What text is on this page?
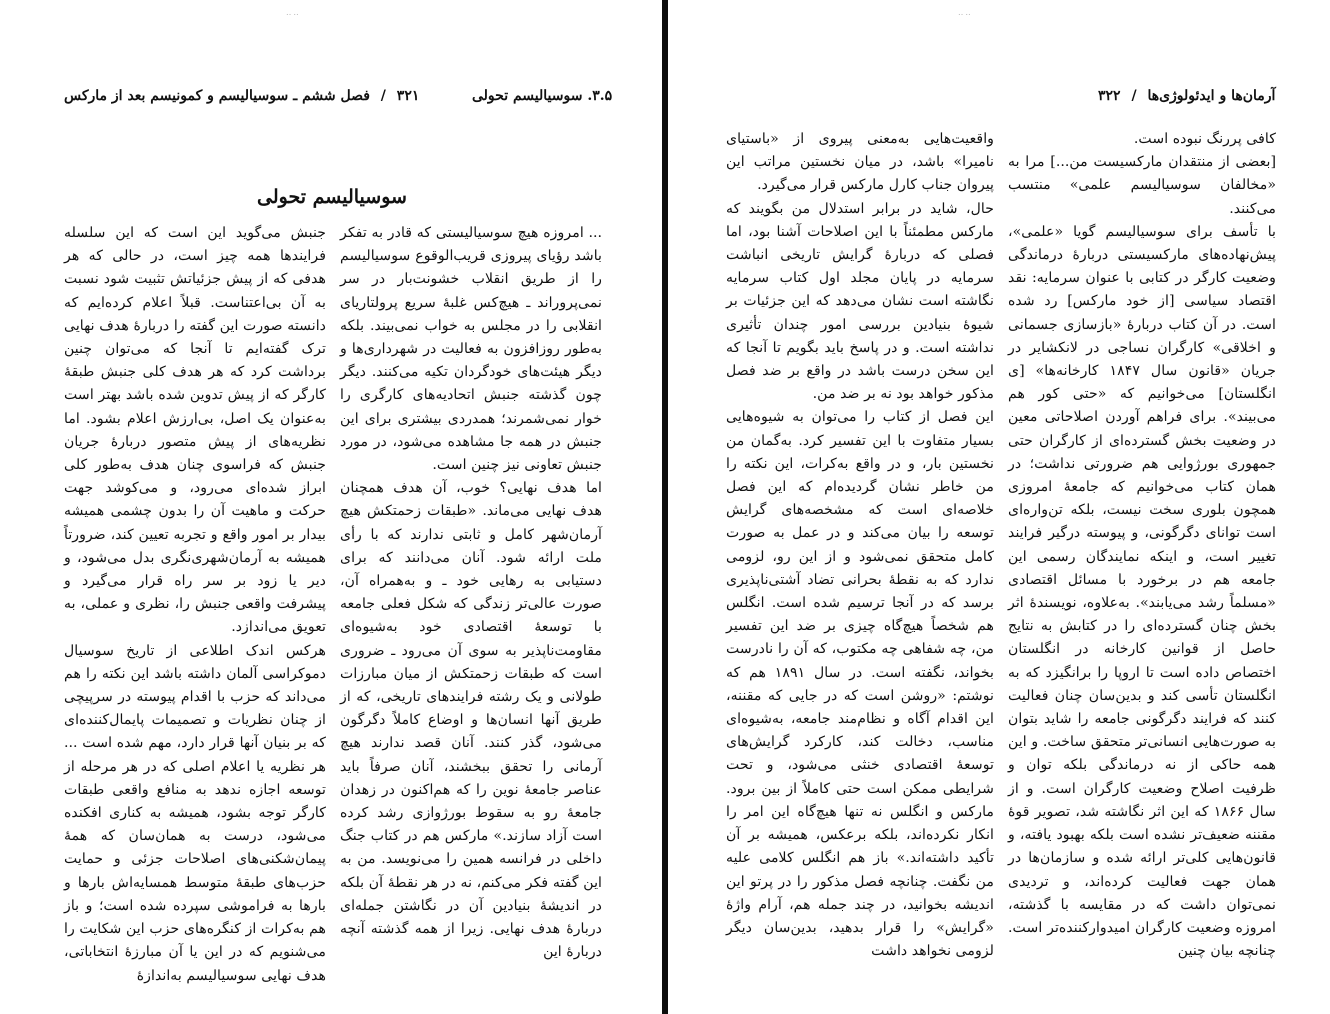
‥‥
۳۲۱ / فصل ششم ـ سوسیالیسم و کمونیسم بعد از مارکس	۳.۵. سوسیالیسم تحولی
سوسیالیسم تحولی
... امروزه هیچ سوسیالیستی که قادر به تفکر باشد رؤیای پیروزی قریب‌الوقوع سوسیالیسم را از طریق انقلاب خشونت‌بار در سر نمی‌پروراند ـ هیچ‌کس غلبهٔ سریع پرولتاریای انقلابی را در مجلس به خواب نمی‌بیند. بلکه به‌طور روزافزون به فعالیت در شهرداری‌ها و دیگر هیئت‌های خودگردان تکیه می‌کنند. دیگر چون گذشته جنبش اتحادیه‌های کارگری را خوار نمی‌شمرند؛ همدردی بیشتری برای این جنبش در همه جا مشاهده می‌شود، در مورد جنبش تعاونی نیز چنین است.
اما هدف نهایی؟ خوب، آن هدف همچنان هدف نهایی می‌ماند. «طبقات زحمتکش هیچ آرمان‌شهر کامل و ثابتی ندارند که با رأی ملت ارائه شود. آنان می‌دانند که برای دستیابی به رهایی خود ـ و به‌همراه آن، صورت عالی‌تر زندگی که شکل فعلی جامعه با توسعهٔ اقتصادی خود به‌شیوه‌ای مقاومت‌ناپذیر به سوی آن می‌رود ـ ضروری است که طبقات زحمتکش از میان مبارزات طولانی و یک رشته فرایندهای تاریخی، که از طریق آنها انسان‌ها و اوضاع کاملاً دگرگون می‌شود، گذر کنند. آنان قصد ندارند هیچ آرمانی را تحقق ببخشند، آنان صرفاً باید عناصر جامعهٔ نوین را که هم‌اکنون در زهدان جامعهٔ رو به سقوط بورژوازی رشد کرده است آزاد سازند.» مارکس هم در کتاب جنگ داخلی در فرانسه همین را می‌نویسد. من به این گفته فکر می‌کنم، نه در هر نقطهٔ آن بلکه در اندیشهٔ بنیادین آن در نگاشتن جمله‌ای دربارهٔ هدف نهایی. زیرا از همه گذشته آنچه دربارهٔ این
جنبش می‌گوید این است که این سلسله فرایندها همه چیز است، در حالی که هر هدفی که از پیش جزئیاتش تثبیت شود نسبت به آن بی‌اعتناست. قبلاً اعلام کرده‌ایم که دانسته صورت این گفته را دربارهٔ هدف نهایی ترک گفته‌ایم تا آنجا که می‌توان چنین برداشت کرد که هر هدف کلی جنبش طبقهٔ کارگر که از پیش تدوین شده باشد بهتر است به‌عنوان یک اصل، بی‌ارزش اعلام بشود. اما نظریه‌های از پیش متصور دربارهٔ جریان جنبش که فراسوی چنان هدف به‌طور کلی ابراز شده‌ای می‌رود، و می‌کوشد جهت حرکت و ماهیت آن را بدون چشمی همیشه بیدار بر امور واقع و تجربه تعیین کند، ضرورتاً همیشه به آرمان‌شهری‌نگری بدل می‌شود، و دیر یا زود بر سر راه قرار می‌گیرد و پیشرفت واقعی جنبش را، نظری و عملی، به تعویق می‌اندازد.
هرکس اندک اطلاعی از تاریخ سوسیال دموکراسی آلمان داشته باشد این نکته را هم می‌داند که حزب با اقدام پیوسته در سرپیچی از چنان نظریات و تصمیمات پایمال‌کننده‌ای که بر بنیان آنها قرار دارد، مهم شده است ... هر نظریه یا اعلام اصلی که در هر مرحله از توسعه اجازه ندهد به منافع واقعی طبقات کارگر توجه بشود، همیشه به کناری افکنده می‌شود، درست به همان‌سان که همهٔ پیمان‌شکنی‌های اصلاحات جزئی و حمایت حزب‌های طبقهٔ متوسط همسایه‌اش بارها و بارها به فراموشی سپرده شده است؛ و باز هم به‌کرات از کنگره‌های حزب این شکایت را می‌شنویم که در این یا آن مبارزهٔ انتخاباتی، هدف نهایی سوسیالیسم به‌اندازهٔ
‥‥
آرمان‌ها و ایدئولوژی‌ها / ۳۲۲
کافی پررنگ نبوده است.
[بعضی از منتقدان مارکسیست من...] مرا به «مخالفان سوسیالیسم علمی» منتسب می‌کنند.
با تأسف برای سوسیالیسم گویا «علمی»، پیش‌نهاده‌های مارکسیستی دربارهٔ درماندگی وضعیت کارگر در کتابی با عنوان سرمایه: نقد اقتصاد سیاسی [از خود مارکس] رد شده است. در آن کتاب دربارهٔ «بازسازی جسمانی و اخلاقی» کارگران نساجی در لانکشایر در جریان «قانون سال ۱۸۴۷ کارخانه‌ها» [ی انگلستان] می‌خوانیم که «حتی کور هم می‌بیند». برای فراهم آوردن اصلاحاتی معین در وضعیت بخش گسترده‌ای از کارگران حتی جمهوری بورژوایی هم ضرورتی نداشت؛ در همان کتاب می‌خوانیم که جامعهٔ امروزی همچون بلوری سخت نیست، بلکه تن‌واره‌ای است توانای دگرگونی، و پیوسته درگیر فرایند تغییر است، و اینکه نمایندگان رسمی این جامعه هم در برخورد با مسائل اقتصادی «مسلماً رشد می‌یابند». به‌علاوه، نویسندهٔ اثر بخش چنان گسترده‌ای را در کتابش به نتایج حاصل از قوانین کارخانه در انگلستان اختصاص داده است تا اروپا را برانگیزد که به انگلستان تأسی کند و بدین‌سان چنان فعالیت کنند که فرایند دگرگونی جامعه را شاید بتوان به صورت‌هایی انسانی‌تر متحقق ساخت. و این همه حاکی از نه درماندگی بلکه توان و ظرفیت اصلاح وضعیت کارگران است. و از سال ۱۸۶۶ که این اثر نگاشته شد، تصویر قوهٔ مقننه ضعیف‌تر نشده است بلکه بهبود یافته، و قانون‌هایی کلی‌تر ارائه شده و سازمان‌ها در همان جهت فعالیت کرده‌اند، و تردیدی نمی‌توان داشت که در مقایسه با گذشته، امروزه وضعیت کارگران امیدوارکننده‌تر است. چنانچه بیان چنین
واقعیت‌هایی به‌معنی پیروی از «باستیای نامیرا» باشد، در میان نخستین مراتب این پیروان جناب کارل مارکس قرار می‌گیرد.
حال، شاید در برابر استدلال من بگویند که مارکس مطمئناً با این اصلاحات آشنا بود، اما فصلی که دربارهٔ گرایش تاریخی انباشت سرمایه در پایان مجلد اول کتاب سرمایه نگاشته است نشان می‌دهد که این جزئیات بر شیوهٔ بنیادین بررسی امور چندان تأثیری نداشته است. و در پاسخ باید بگویم تا آنجا که این سخن درست باشد در واقع بر ضد فصل مذکور خواهد بود نه بر ضد من.
این فصل از کتاب را می‌توان به شیوه‌هایی بسیار متفاوت با این تفسیر کرد. به‌گمان من نخستین بار، و در واقع به‌کرات، این نکته را من خاطر نشان گردیده‌ام که این فصل خلاصه‌ای است که مشخصه‌های گرایش توسعه را بیان می‌کند و در عمل به صورت کامل متحقق نمی‌شود و از این رو، لزومی ندارد که به نقطهٔ بحرانی تضاد آشتی‌ناپذیری برسد که در آنجا ترسیم شده است. انگلس هم شخصاً هیچ‌گاه چیزی بر ضد این تفسیر من، چه شفاهی چه مکتوب، که آن را نادرست بخواند، نگفته است. در سال ۱۸۹۱ هم که نوشتم: «روشن است که در جایی که مقننه، این اقدام آگاه و نظام‌مند جامعه، به‌شیوه‌ای مناسب، دخالت کند، کارکرد گرایش‌های توسعهٔ اقتصادی خنثی می‌شود، و تحت شرایطی ممکن است حتی کاملاً از بین برود. مارکس و انگلس نه تنها هیچ‌گاه این امر را انکار نکرده‌اند، بلکه برعکس، همیشه بر آن تأکید داشته‌اند.» باز هم انگلس کلامی علیه من نگفت. چنانچه فصل مذکور را در پرتو این اندیشه بخوانید، در چند جمله هم، آرام واژهٔ «گرایش» را قرار بدهید، بدین‌سان دیگر لزومی نخواهد داشت
